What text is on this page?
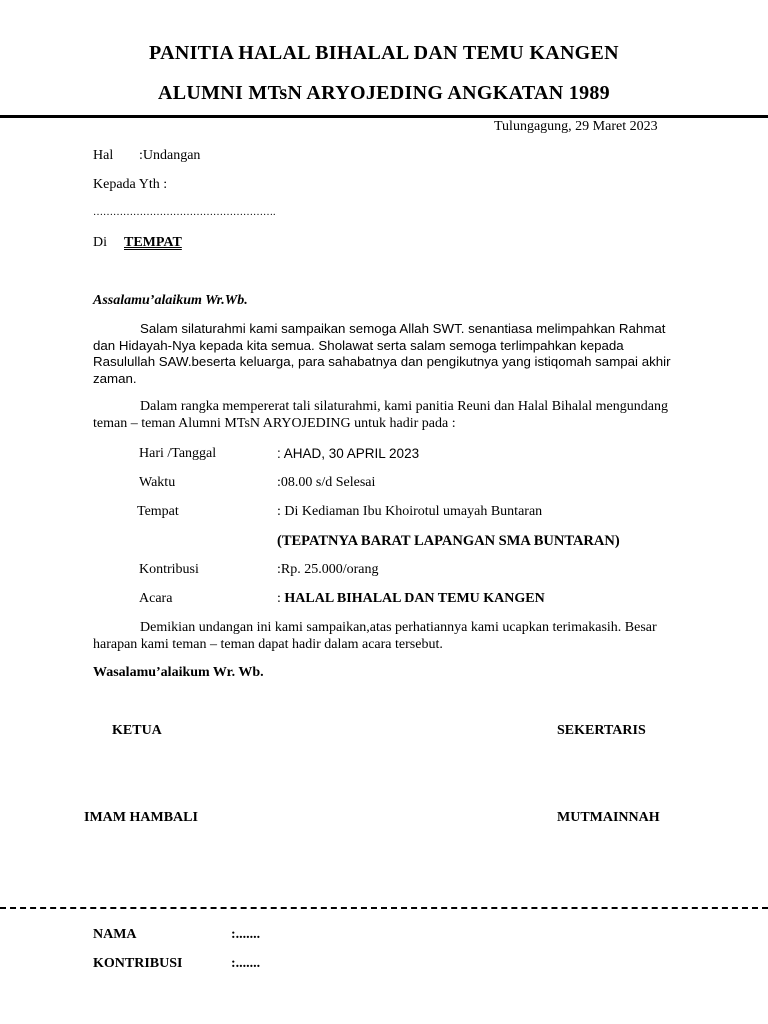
PANITIA HALAL BIHALAL DAN TEMU KANGEN
ALUMNI MTsN ARYOJEDING ANGKATAN 1989
Tulungagung, 29 Maret 2023
Hal :Undangan
Kepada Yth :
……………………………………………….
Di TEMPAT
Assalamu’alaikum Wr.Wb.
Salam silaturahmi kami sampaikan semoga Allah SWT. senantiasa melimpahkan Rahmat dan Hidayah-Nya kepada kita semua. Sholawat serta salam semoga terlimpahkan kepada Rasulullah SAW.beserta keluarga, para sahabatnya dan pengikutnya yang istiqomah sampai akhir zaman.
Dalam rangka mempererat tali silaturahmi, kami panitia Reuni dan Halal Bihalal mengundang teman – teman Alumni MTsN ARYOJEDING untuk hadir pada :
Hari /Tanggal	: AHAD, 30 APRIL 2023
Waktu	:08.00 s/d Selesai
Tempat	: Di Kediaman Ibu Khoirotul umayah Buntaran
(TEPATNYA BARAT LAPANGAN SMA BUNTARAN)
Kontribusi	:Rp. 25.000/orang
Acara	: HALAL BIHALAL DAN TEMU KANGEN
Demikian undangan ini kami sampaikan,atas perhatiannya kami ucapkan terimakasih. Besar harapan kami teman – teman dapat hadir dalam acara tersebut.
Wasalamu’alaikum Wr. Wb.
KETUA	SEKERTARIS
IMAM HAMBALI	MUTMAINNAH
NAMA	:.......
KONTRIBUSI	:.......
